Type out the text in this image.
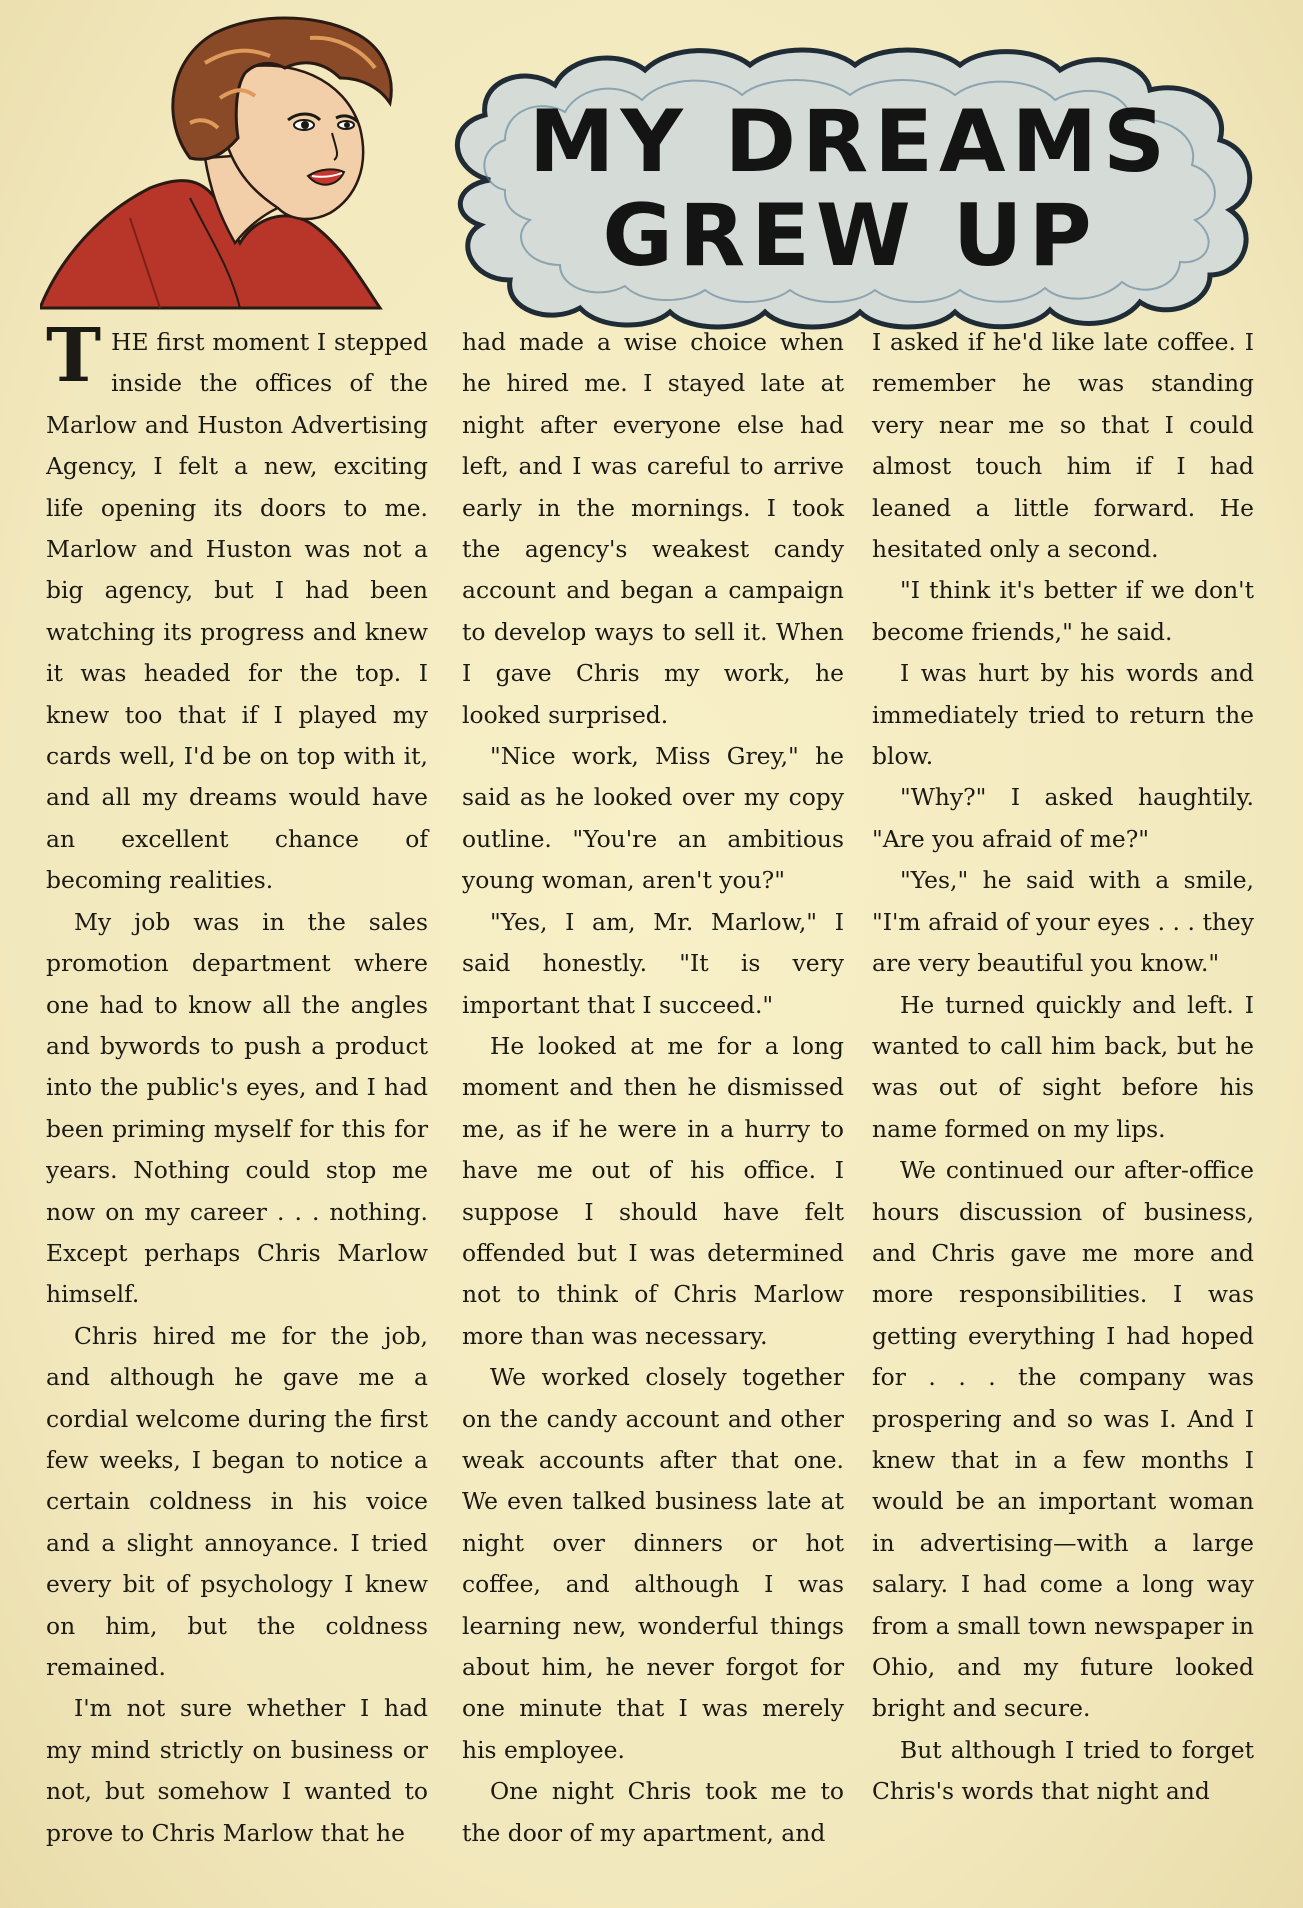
MY DREAMS
GREW UP

THE first moment I stepped inside the offices of the Marlow and Huston Advertising Agency, I felt a new, exciting life opening its doors to me. Marlow and Huston was not a big agency, but I had been watching its progress and knew it was headed for the top. I knew too that if I played my cards well, I'd be on top with it, and all my dreams would have an excellent chance of becoming realities.

My job was in the sales promotion department where one had to know all the angles and bywords to push a product into the public's eyes, and I had been priming myself for this for years. Nothing could stop me now on my career . . . nothing. Except perhaps Chris Marlow himself.

Chris hired me for the job, and although he gave me a cordial welcome during the first few weeks, I began to notice a certain coldness in his voice and a slight annoyance. I tried every bit of psychology I knew on him, but the coldness remained.

I'm not sure whether I had my mind strictly on business or not, but somehow I wanted to prove to Chris Marlow that he

had made a wise choice when he hired me. I stayed late at night after everyone else had left, and I was careful to arrive early in the mornings. I took the agency's weakest candy account and began a campaign to develop ways to sell it. When I gave Chris my work, he looked surprised.

"Nice work, Miss Grey," he said as he looked over my copy outline. "You're an ambitious young woman, aren't you?"

"Yes, I am, Mr. Marlow," I said honestly. "It is very important that I succeed."

He looked at me for a long moment and then he dismissed me, as if he were in a hurry to have me out of his office. I suppose I should have felt offended but I was determined not to think of Chris Marlow more than was necessary.

We worked closely together on the candy account and other weak accounts after that one. We even talked business late at night over dinners or hot coffee, and although I was learning new, wonderful things about him, he never forgot for one minute that I was merely his employee.

One night Chris took me to the door of my apartment, and

I asked if he'd like late coffee. I remember he was standing very near me so that I could almost touch him if I had leaned a little forward. He hesitated only a second.

"I think it's better if we don't become friends," he said.

I was hurt by his words and immediately tried to return the blow.

"Why?" I asked haughtily. "Are you afraid of me?"

"Yes," he said with a smile, "I'm afraid of your eyes . . . they are very beautiful you know."

He turned quickly and left. I wanted to call him back, but he was out of sight before his name formed on my lips.

We continued our after-office hours discussion of business, and Chris gave me more and more responsibilities. I was getting everything I had hoped for . . . the company was prospering and so was I. And I knew that in a few months I would be an important woman in advertising—with a large salary. I had come a long way from a small town newspaper in Ohio, and my future looked bright and secure.

But although I tried to forget Chris's words that night and
